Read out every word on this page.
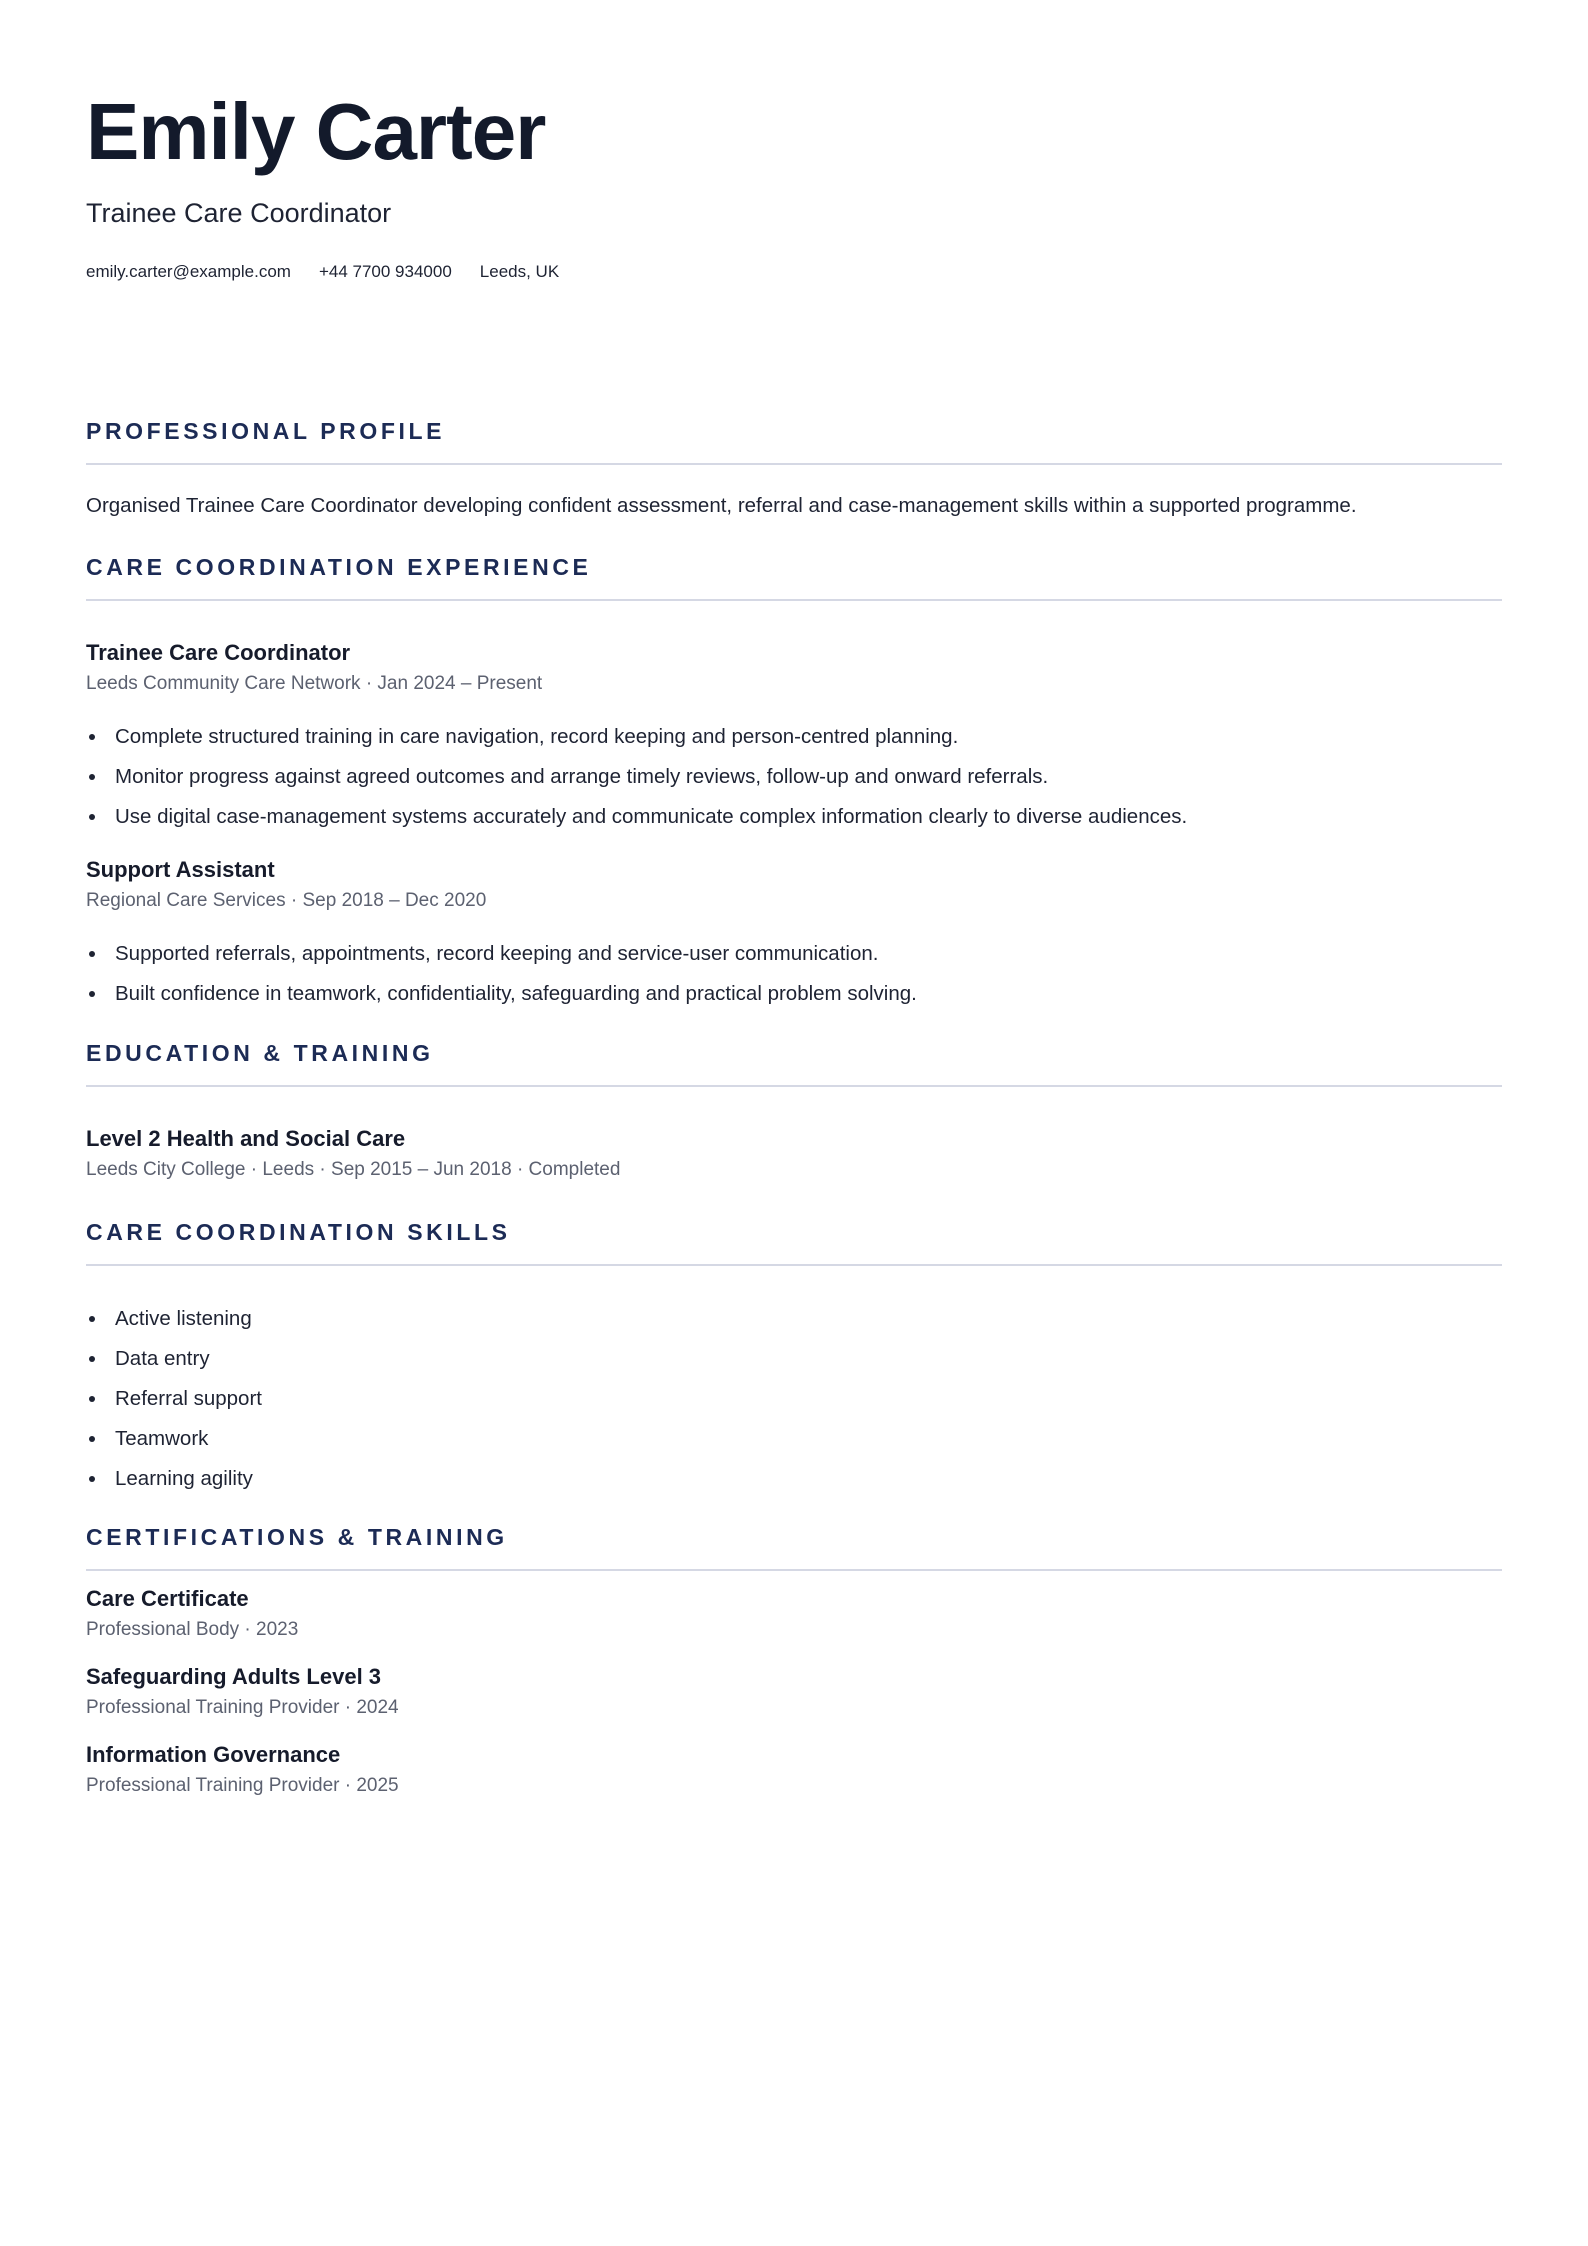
Emily Carter
Trainee Care Coordinator
emily.carter@example.com +44 7700 934000 Leeds, UK
PROFESSIONAL PROFILE
Organised Trainee Care Coordinator developing confident assessment, referral and case-management skills within a supported programme.
CARE COORDINATION EXPERIENCE
Trainee Care Coordinator
Leeds Community Care Network · Jan 2024 – Present
Complete structured training in care navigation, record keeping and person-centred planning.
Monitor progress against agreed outcomes and arrange timely reviews, follow-up and onward referrals.
Use digital case-management systems accurately and communicate complex information clearly to diverse audiences.
Support Assistant
Regional Care Services · Sep 2018 – Dec 2020
Supported referrals, appointments, record keeping and service-user communication.
Built confidence in teamwork, confidentiality, safeguarding and practical problem solving.
EDUCATION & TRAINING
Level 2 Health and Social Care
Leeds City College · Leeds · Sep 2015 – Jun 2018 · Completed
CARE COORDINATION SKILLS
Active listening
Data entry
Referral support
Teamwork
Learning agility
CERTIFICATIONS & TRAINING
Care Certificate
Professional Body · 2023
Safeguarding Adults Level 3
Professional Training Provider · 2024
Information Governance
Professional Training Provider · 2025
